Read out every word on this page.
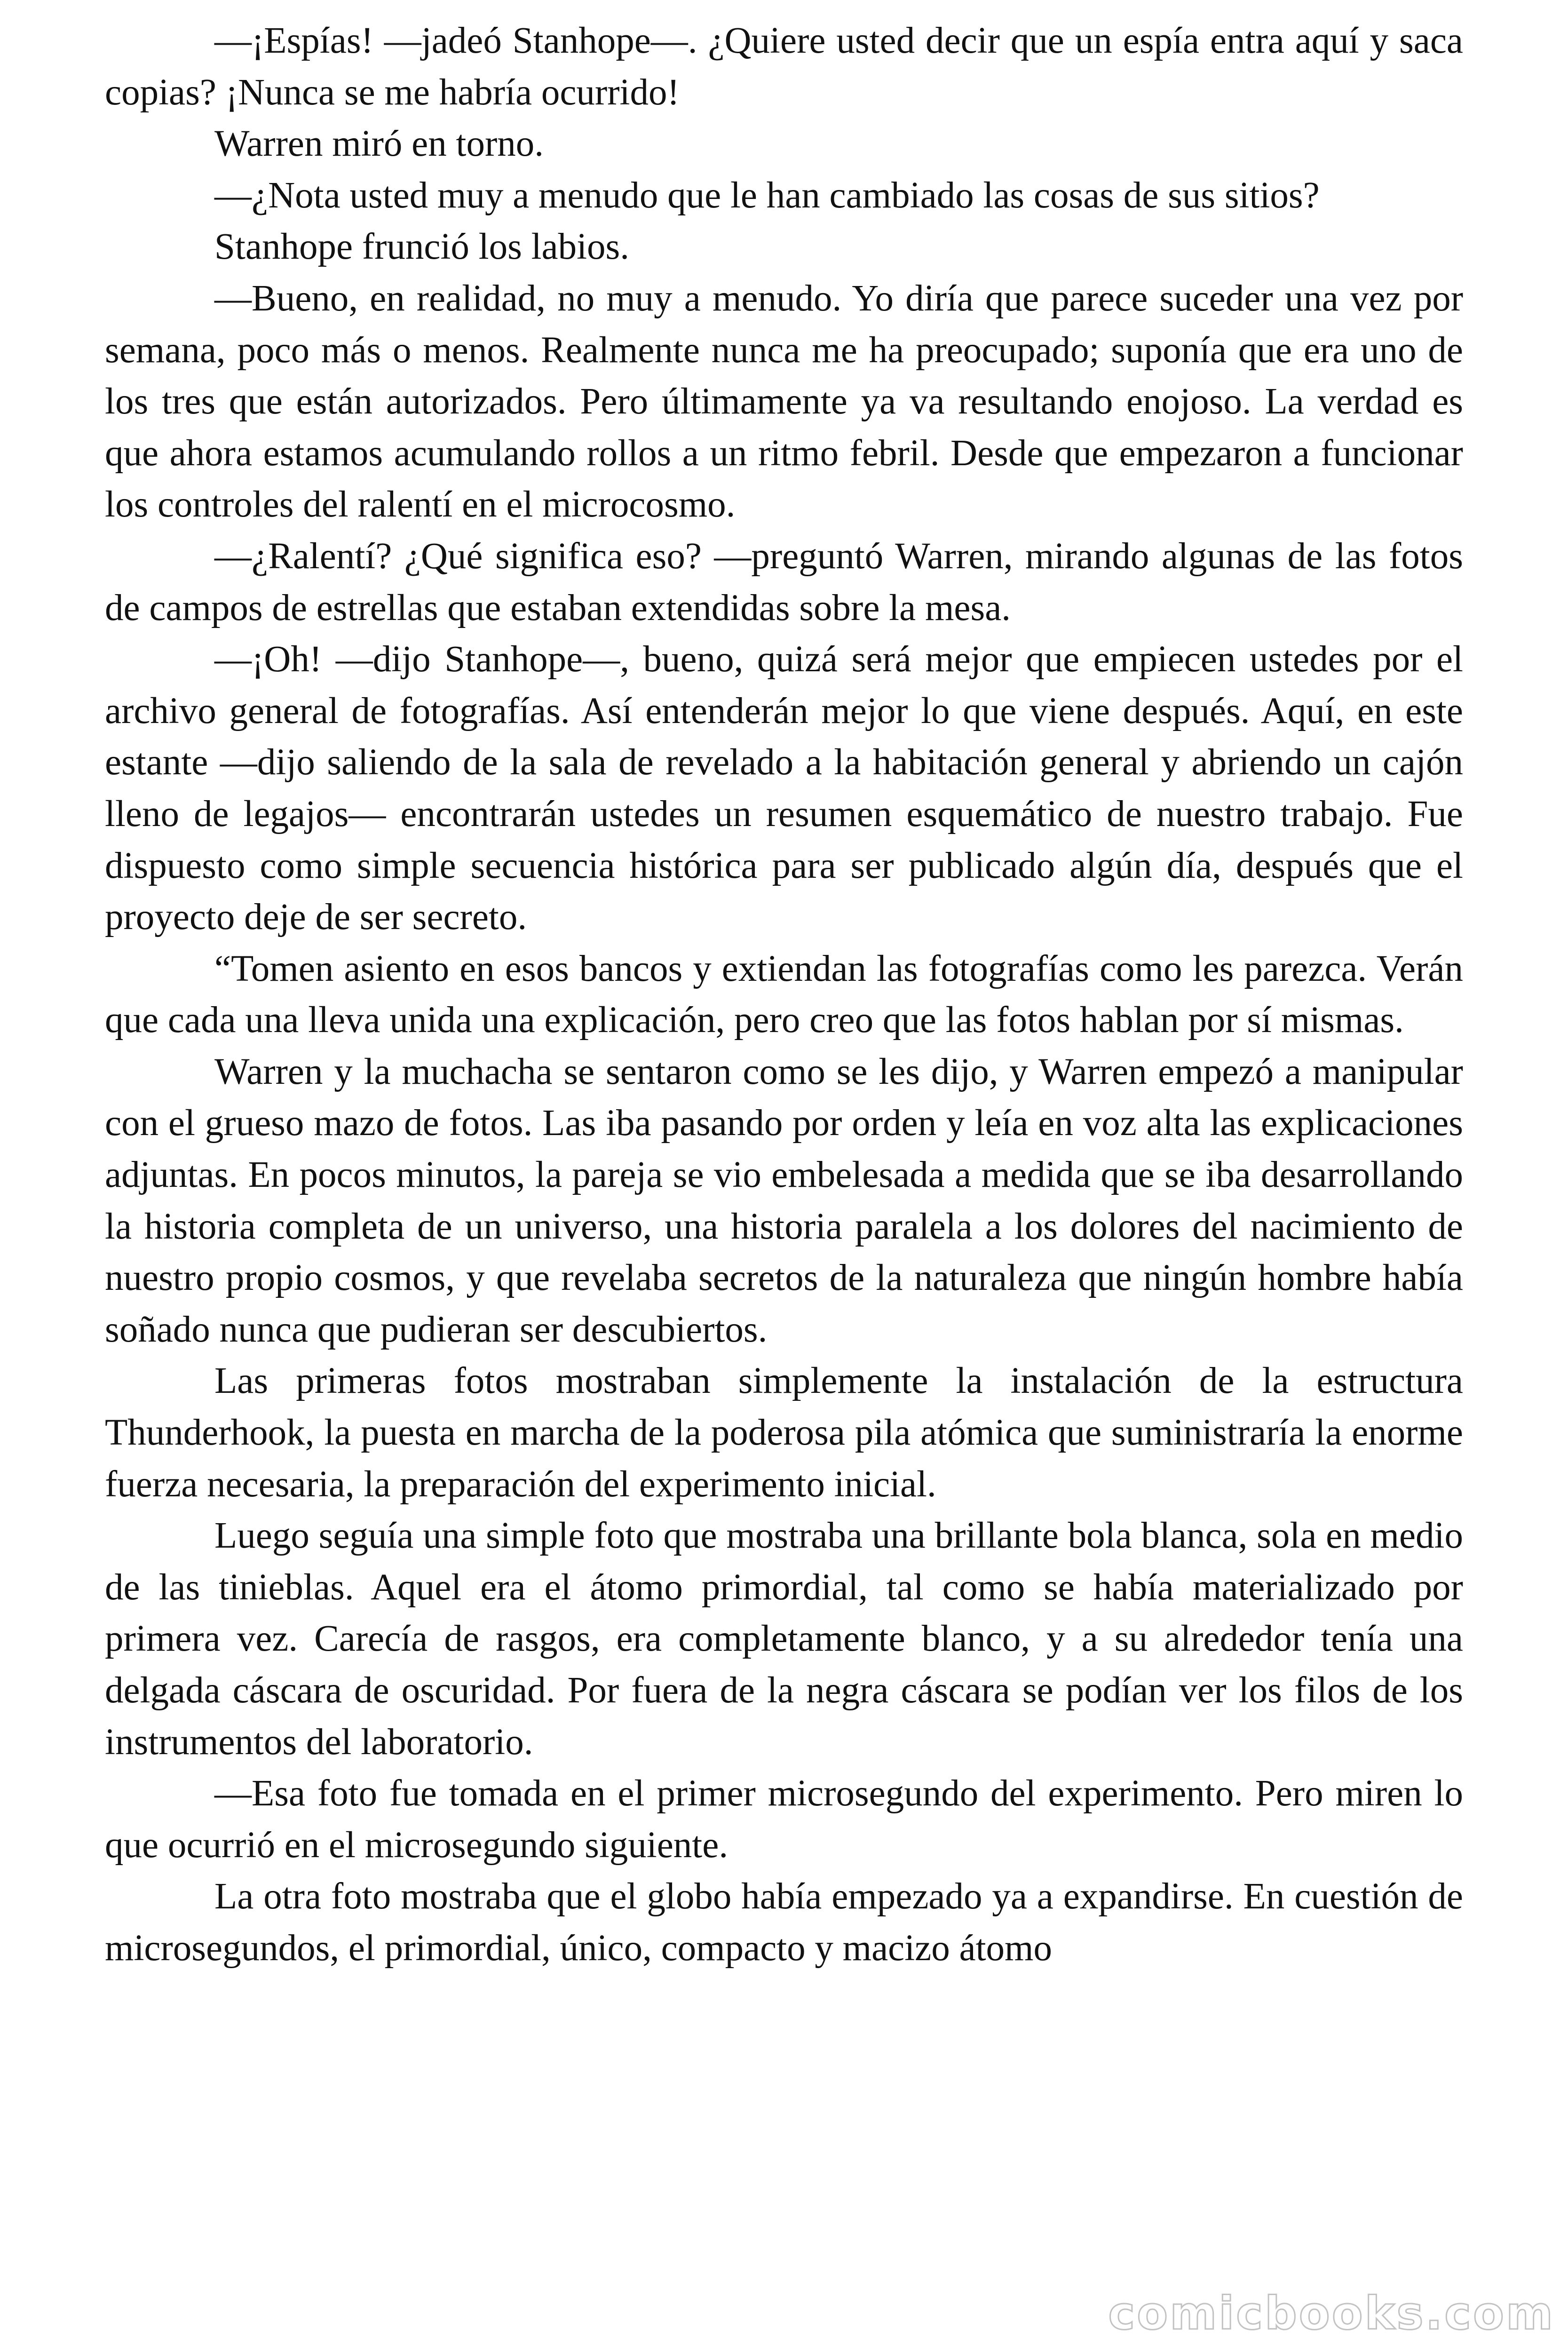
—¡Espías! —jadeó Stanhope—. ¿Quiere usted decir que un espía entra aquí y saca copias? ¡Nunca se me habría ocurrido!

Warren miró en torno.

—¿Nota usted muy a menudo que le han cambiado las cosas de sus sitios?

Stanhope frunció los labios.

—Bueno, en realidad, no muy a menudo. Yo diría que parece suceder una vez por semana, poco más o menos. Realmente nunca me ha preocupado; suponía que era uno de los tres que están autorizados. Pero últimamente ya va resultando enojoso. La verdad es que ahora estamos acumulando rollos a un ritmo febril. Desde que empezaron a funcionar los controles del ralentí en el microcosmo.

—¿Ralentí? ¿Qué significa eso? —preguntó Warren, mirando algunas de las fotos de campos de estrellas que estaban extendidas sobre la mesa.

—¡Oh! —dijo Stanhope—, bueno, quizá será mejor que empiecen ustedes por el archivo general de fotografías. Así entenderán mejor lo que viene después. Aquí, en este estante —dijo saliendo de la sala de revelado a la habitación general y abriendo un cajón lleno de legajos— encontrarán ustedes un resumen esquemático de nuestro trabajo. Fue dispuesto como simple secuencia histórica para ser publicado algún día, después que el proyecto deje de ser secreto.

“Tomen asiento en esos bancos y extiendan las fotografías como les parezca. Verán que cada una lleva unida una explicación, pero creo que las fotos hablan por sí mismas.

Warren y la muchacha se sentaron como se les dijo, y Warren empezó a manipular con el grueso mazo de fotos. Las iba pasando por orden y leía en voz alta las explicaciones adjuntas. En pocos minutos, la pareja se vio embelesada a medida que se iba desarrollando la historia completa de un universo, una historia paralela a los dolores del nacimiento de nuestro propio cosmos, y que revelaba secretos de la naturaleza que ningún hombre había soñado nunca que pudieran ser descubiertos.

Las primeras fotos mostraban simplemente la instalación de la estructura Thunderhook, la puesta en marcha de la poderosa pila atómica que suministraría la enorme fuerza necesaria, la preparación del experimento inicial.

Luego seguía una simple foto que mostraba una brillante bola blanca, sola en medio de las tinieblas. Aquel era el átomo primordial, tal como se había materializado por primera vez. Carecía de rasgos, era completamente blanco, y a su alrededor tenía una delgada cáscara de oscuridad. Por fuera de la negra cáscara se podían ver los filos de los instrumentos del laboratorio.

—Esa foto fue tomada en el primer microsegundo del experimento. Pero miren lo que ocurrió en el microsegundo siguiente.

La otra foto mostraba que el globo había empezado ya a expandirse. En cuestión de microsegundos, el primordial, único, compacto y macizo átomo

comicbooks.com
